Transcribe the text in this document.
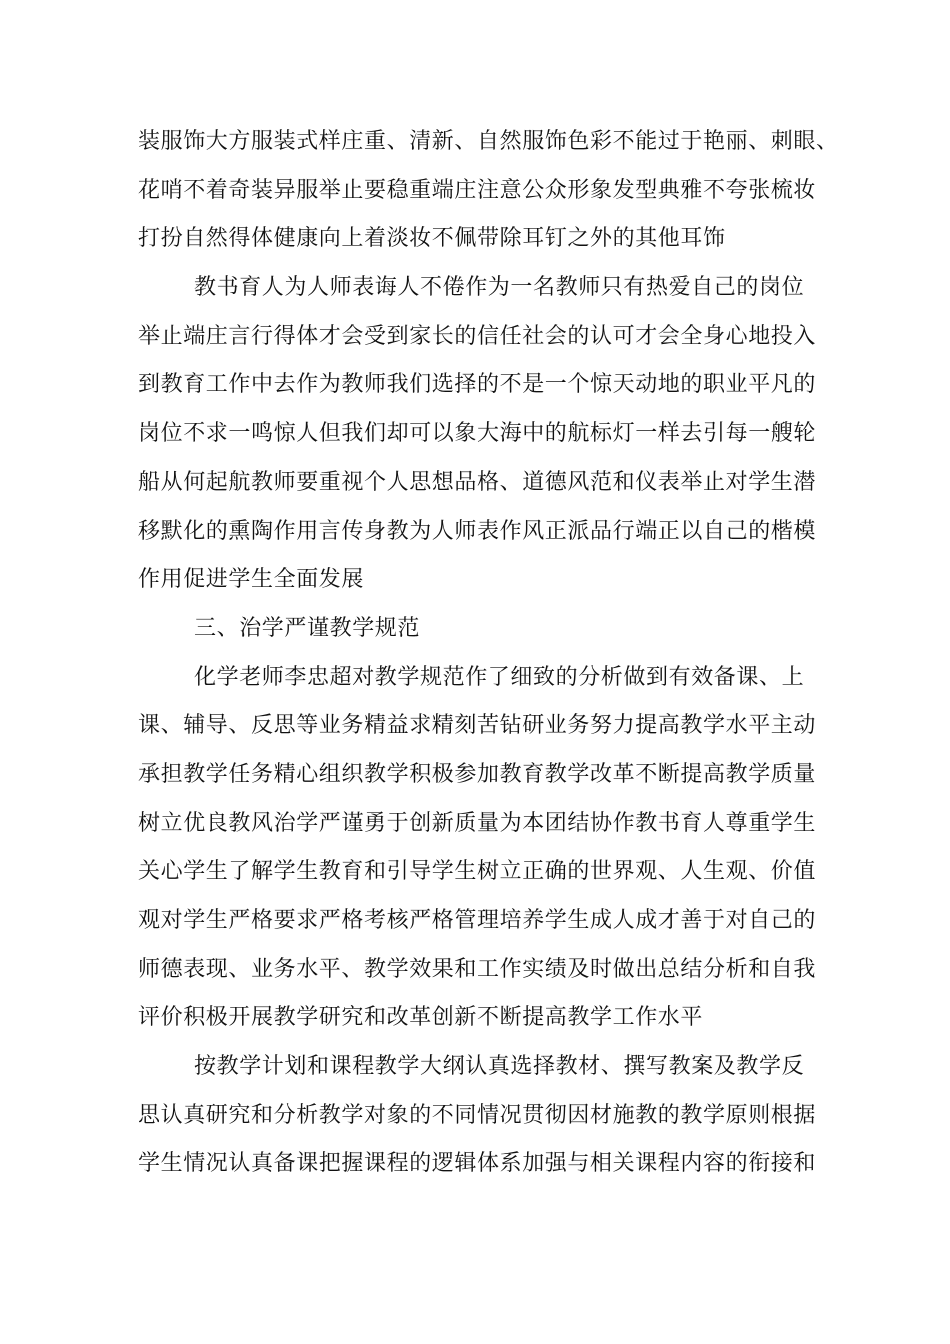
装服饰大方服装式样庄重、清新、自然服饰色彩不能过于艳丽、刺眼、
花哨不着奇装异服举止要稳重端庄注意公众形象发型典雅不夸张梳妆
打扮自然得体健康向上着淡妆不佩带除耳钉之外的其他耳饰
教书育人为人师表诲人不倦作为一名教师只有热爱自己的岗位
举止端庄言行得体才会受到家长的信任社会的认可才会全身心地投入
到教育工作中去作为教师我们选择的不是一个惊天动地的职业平凡的
岗位不求一鸣惊人但我们却可以象大海中的航标灯一样去引每一艘轮
船从何起航教师要重视个人思想品格、道德风范和仪表举止对学生潜
移默化的熏陶作用言传身教为人师表作风正派品行端正以自己的楷模
作用促进学生全面发展
三、治学严谨教学规范
化学老师李忠超对教学规范作了细致的分析做到有效备课、上
课、辅导、反思等业务精益求精刻苦钻研业务努力提高教学水平主动
承担教学任务精心组织教学积极参加教育教学改革不断提高教学质量
树立优良教风治学严谨勇于创新质量为本团结协作教书育人尊重学生
关心学生了解学生教育和引导学生树立正确的世界观、人生观、价值
观对学生严格要求严格考核严格管理培养学生成人成才善于对自己的
师德表现、业务水平、教学效果和工作实绩及时做出总结分析和自我
评价积极开展教学研究和改革创新不断提高教学工作水平
按教学计划和课程教学大纲认真选择教材、撰写教案及教学反
思认真研究和分析教学对象的不同情况贯彻因材施教的教学原则根据
学生情况认真备课把握课程的逻辑体系加强与相关课程内容的衔接和
